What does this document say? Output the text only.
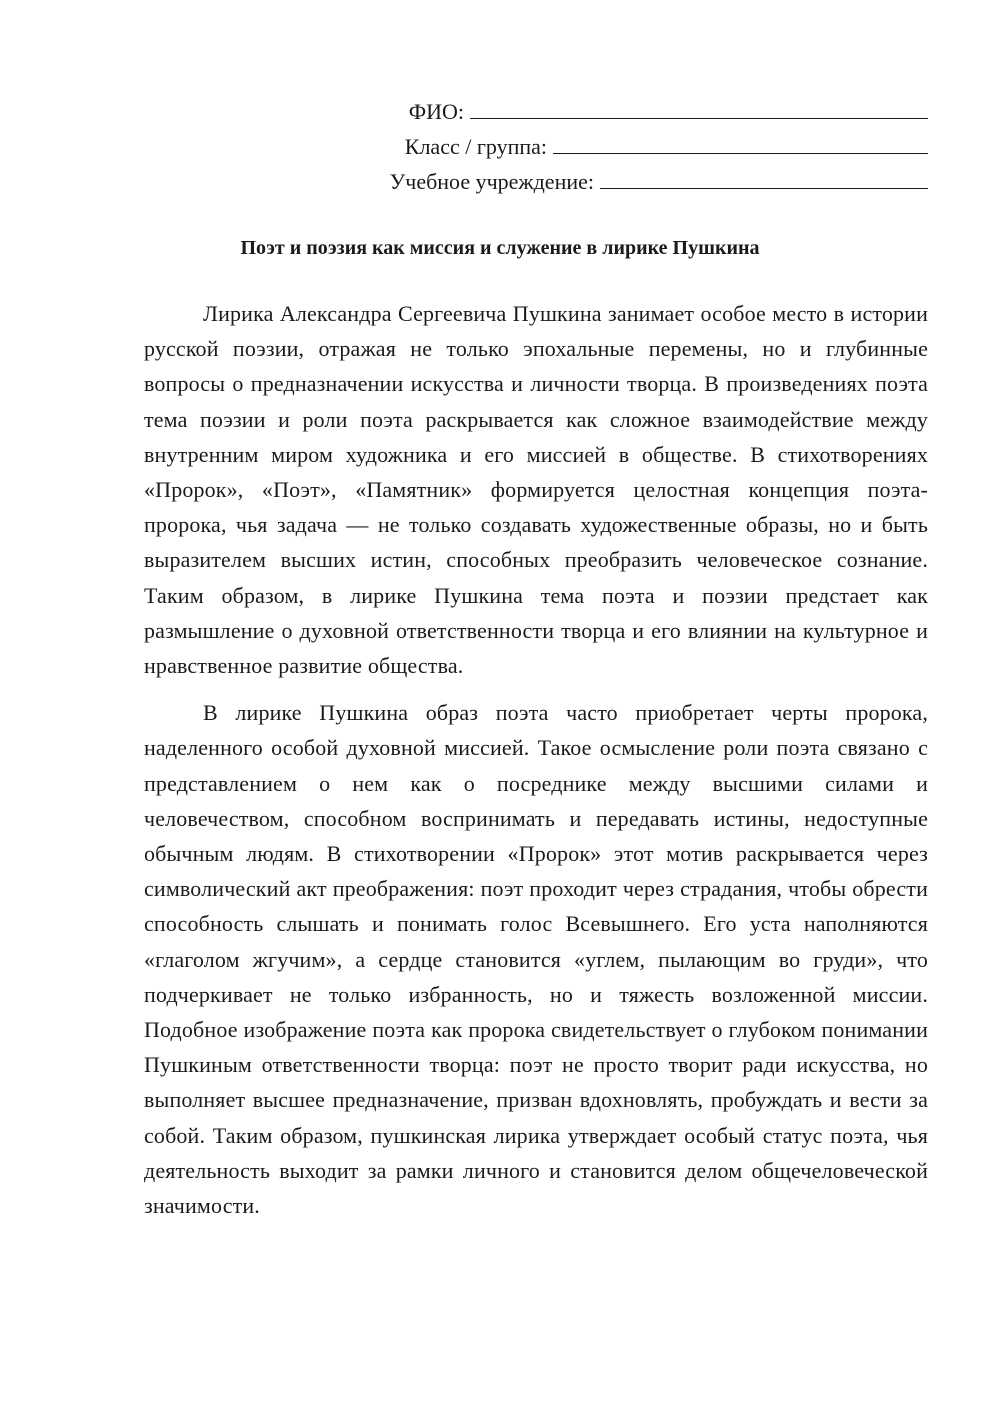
ФИО:
Класс / группа:
Учебное учреждение:
Поэт и поэзия как миссия и служение в лирике Пушкина

Лирика Александра Сергеевича Пушкина занимает особое место в истории русской поэзии, отражая не только эпохальные перемены, но и глубинные вопросы о предназначении искусства и личности творца. В произведениях поэта тема поэзии и роли поэта раскрывается как сложное взаимодействие между внутренним миром художника и его миссией в обществе. В стихотворениях «Пророк», «Поэт», «Памятник» формируется целостная концепция поэта-пророка, чья задача — не только создавать художественные образы, но и быть выразителем высших истин, способных преобразить человеческое сознание. Таким образом, в лирике Пушкина тема поэта и поэзии предстает как размышление о духовной ответственности творца и его влиянии на культурное и нравственное развитие общества.

В лирике Пушкина образ поэта часто приобретает черты пророка, наделенного особой духовной миссией. Такое осмысление роли поэта связано с представлением о нем как о посреднике между высшими силами и человечеством, способном воспринимать и передавать истины, недоступные обычным людям. В стихотворении «Пророк» этот мотив раскрывается через символический акт преображения: поэт проходит через страдания, чтобы обрести способность слышать и понимать голос Всевышнего. Его уста наполняются «глаголом жгучим», а сердце становится «углем, пылающим во груди», что подчеркивает не только избранность, но и тяжесть возложенной миссии. Подобное изображение поэта как пророка свидетельствует о глубоком понимании Пушкиным ответственности творца: поэт не просто творит ради искусства, но выполняет высшее предназначение, призван вдохновлять, пробуждать и вести за собой. Таким образом, пушкинская лирика утверждает особый статус поэта, чья деятельность выходит за рамки личного и становится делом общечеловеческой значимости.
